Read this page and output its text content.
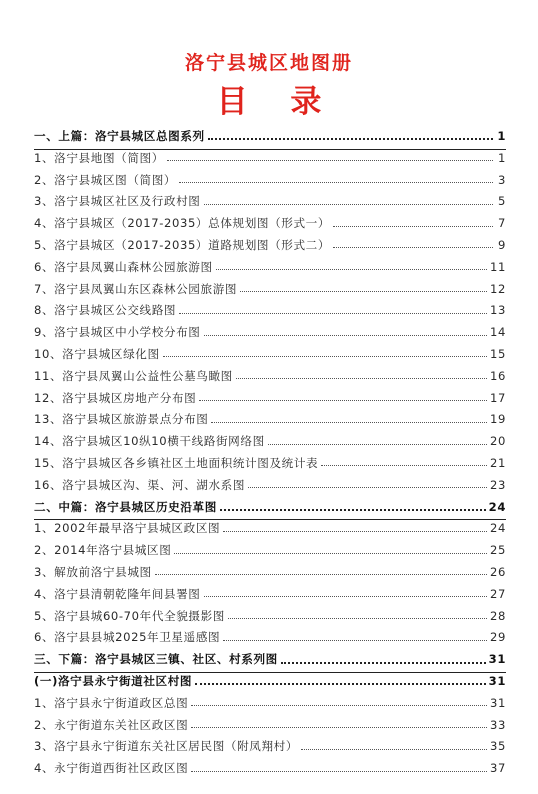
洛宁县城区地图册
目 录
一、上篇：洛宁县城区总图系列	1
1、洛宁县地图（简图）	1
2、洛宁县城区图（简图）	3
3、洛宁县城区社区及行政村图	5
4、洛宁县城区（2017-2035）总体规划图（形式一）	7
5、洛宁县城区（2017-2035）道路规划图（形式二）	9
6、洛宁县凤翼山森林公园旅游图	11
7、洛宁县凤翼山东区森林公园旅游图	12
8、洛宁县城区公交线路图	13
9、洛宁县城区中小学校分布图	14
10、洛宁县城区绿化图	15
11、洛宁县凤翼山公益性公墓鸟瞰图	16
12、洛宁县城区房地产分布图	17
13、洛宁县城区旅游景点分布图	19
14、洛宁县城区10纵10横干线路街网络图	20
15、洛宁县城区各乡镇社区土地面积统计图及统计表	21
16、洛宁县城区沟、渠、河、湖水系图	23
二、中篇：洛宁县城区历史沿革图	24
1、2002年最早洛宁县城区政区图	24
2、2014年洛宁县城区图	25
3、解放前洛宁县城图	26
4、洛宁县清朝乾隆年间县署图	27
5、洛宁县城60-70年代全貌摄影图	28
6、洛宁县县城2025年卫星遥感图	29
三、下篇：洛宁县城区三镇、社区、村系列图	31
(一)洛宁县永宁街道社区村图	31
1、洛宁县永宁街道政区总图	31
2、永宁街道东关社区政区图	33
3、洛宁县永宁街道东关社区居民图（附凤翔村）	35
4、永宁街道西街社区政区图	37
